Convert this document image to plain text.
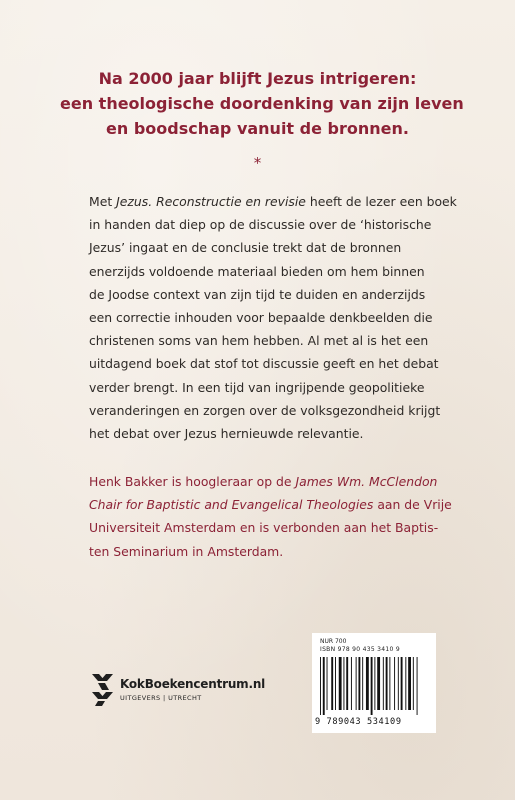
Na 2000 jaar blijft Jezus intrigeren:
een theologische doordenking van zijn leven
en boodschap vanuit de bronnen.
*
Met Jezus. Reconstructie en revisie heeft de lezer een boek
in handen dat diep op de discussie over de ‘historische
Jezus’ ingaat en de conclusie trekt dat de bronnen
enerzijds voldoende materiaal bieden om hem binnen
de Joodse context van zijn tijd te duiden en anderzijds
een correctie inhouden voor bepaalde denkbeelden die
christenen soms van hem hebben. Al met al is het een
uitdagend boek dat stof tot discussie geeft en het debat
verder brengt. In een tijd van ingrijpende geopolitieke
veranderingen en zorgen over de volksgezondheid krijgt
het debat over Jezus hernieuwde relevantie.
Henk Bakker is hoogleraar op de James Wm. McClendon
Chair for Baptistic and Evangelical Theologies aan de Vrije
Universiteit Amsterdam en is verbonden aan het Baptis-
ten Seminarium in Amsterdam.
KokBoekencentrum.nl
UITGEVERS | UTRECHT
NUR 700
ISBN 978 90 435 3410 9
9 789043 534109
